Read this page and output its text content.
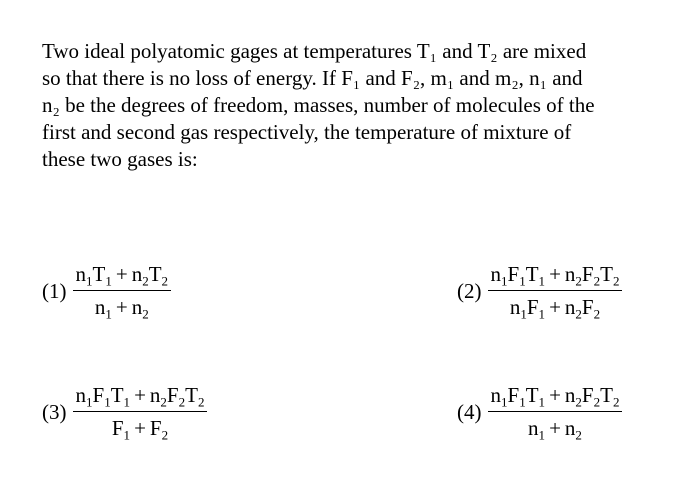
Two ideal polyatomic gages at temperatures T₁ and T₂ are mixed
so that there is no loss of energy. If F₁ and F₂, m₁ and m₂, n₁ and
n₂ be the degrees of freedom, masses, number of molecules of the
first and second gas respectively, the temperature of mixture of
these two gases is:

$(1) \frac{n_1T_1 + n_2T_2}{n_1 + n_2}$	$(2) \frac{n_1F_1T_1 + n_2F_2T_2}{n_1F_1 + n_2F_2}$
$(3) \frac{n_1F_1T_1 + n_2F_2T_2}{F_1 + F_2}$	$(4) \frac{n_1F_1T_1 + n_2F_2T_2}{n_1 + n_2}$
